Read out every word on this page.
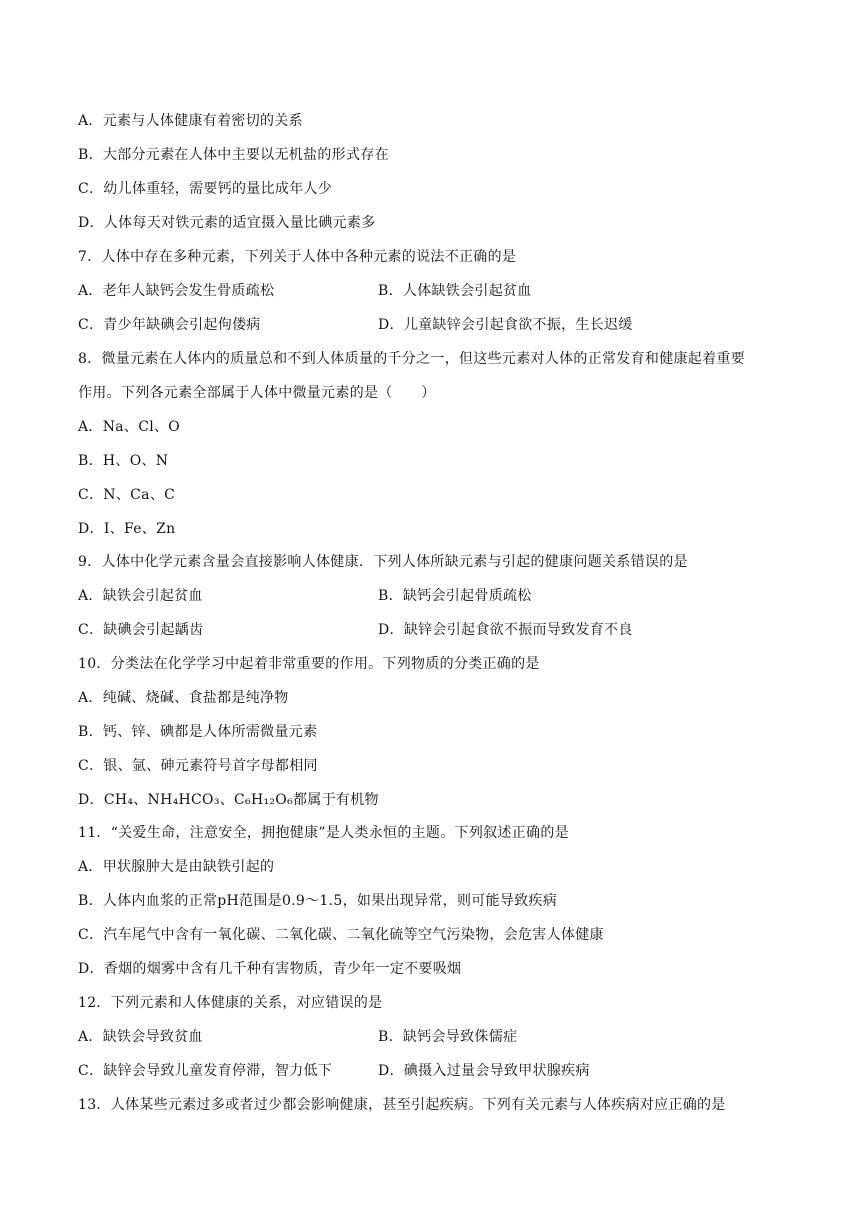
A．元素与人体健康有着密切的关系
B．大部分元素在人体中主要以无机盐的形式存在
C．幼儿体重轻，需要钙的量比成年人少
D．人体每天对铁元素的适宜摄入量比碘元素多
7．人体中存在多种元素，下列关于人体中各种元素的说法不正确的是
A．老年人缺钙会发生骨质疏松	B．人体缺铁会引起贫血
C．青少年缺碘会引起佝偻病	D．儿童缺锌会引起食欲不振，生长迟缓
8．微量元素在人体内的质量总和不到人体质量的千分之一，但这些元素对人体的正常发育和健康起着重要
作用。下列各元素全部属于人体中微量元素的是（　　）
A．Na、Cl、O
B．H、O、N
C．N、Ca、C
D．I、Fe、Zn
9．人体中化学元素含量会直接影响人体健康．下列人体所缺元素与引起的健康问题关系错误的是
A．缺铁会引起贫血	B．缺钙会引起骨质疏松
C．缺碘会引起龋齿	D．缺锌会引起食欲不振而导致发育不良
10．分类法在化学学习中起着非常重要的作用。下列物质的分类正确的是
A．纯碱、烧碱、食盐都是纯净物
B．钙、锌、碘都是人体所需微量元素
C．银、氩、砷元素符号首字母都相同
D．CH₄、NH₄HCO₃、C₆H₁₂O₆都属于有机物
11．“关爱生命，注意安全，拥抱健康”是人类永恒的主题。下列叙述正确的是
A．甲状腺肿大是由缺铁引起的
B．人体内血浆的正常pH范围是0.9～1.5，如果出现异常，则可能导致疾病
C．汽车尾气中含有一氧化碳、二氧化碳、二氧化硫等空气污染物，会危害人体健康
D．香烟的烟雾中含有几千种有害物质，青少年一定不要吸烟
12．下列元素和人体健康的关系，对应错误的是
A．缺铁会导致贫血	B．缺钙会导致侏儒症
C．缺锌会导致儿童发育停滞，智力低下	D．碘摄入过量会导致甲状腺疾病
13．人体某些元素过多或者过少都会影响健康，甚至引起疾病。下列有关元素与人体疾病对应正确的是
